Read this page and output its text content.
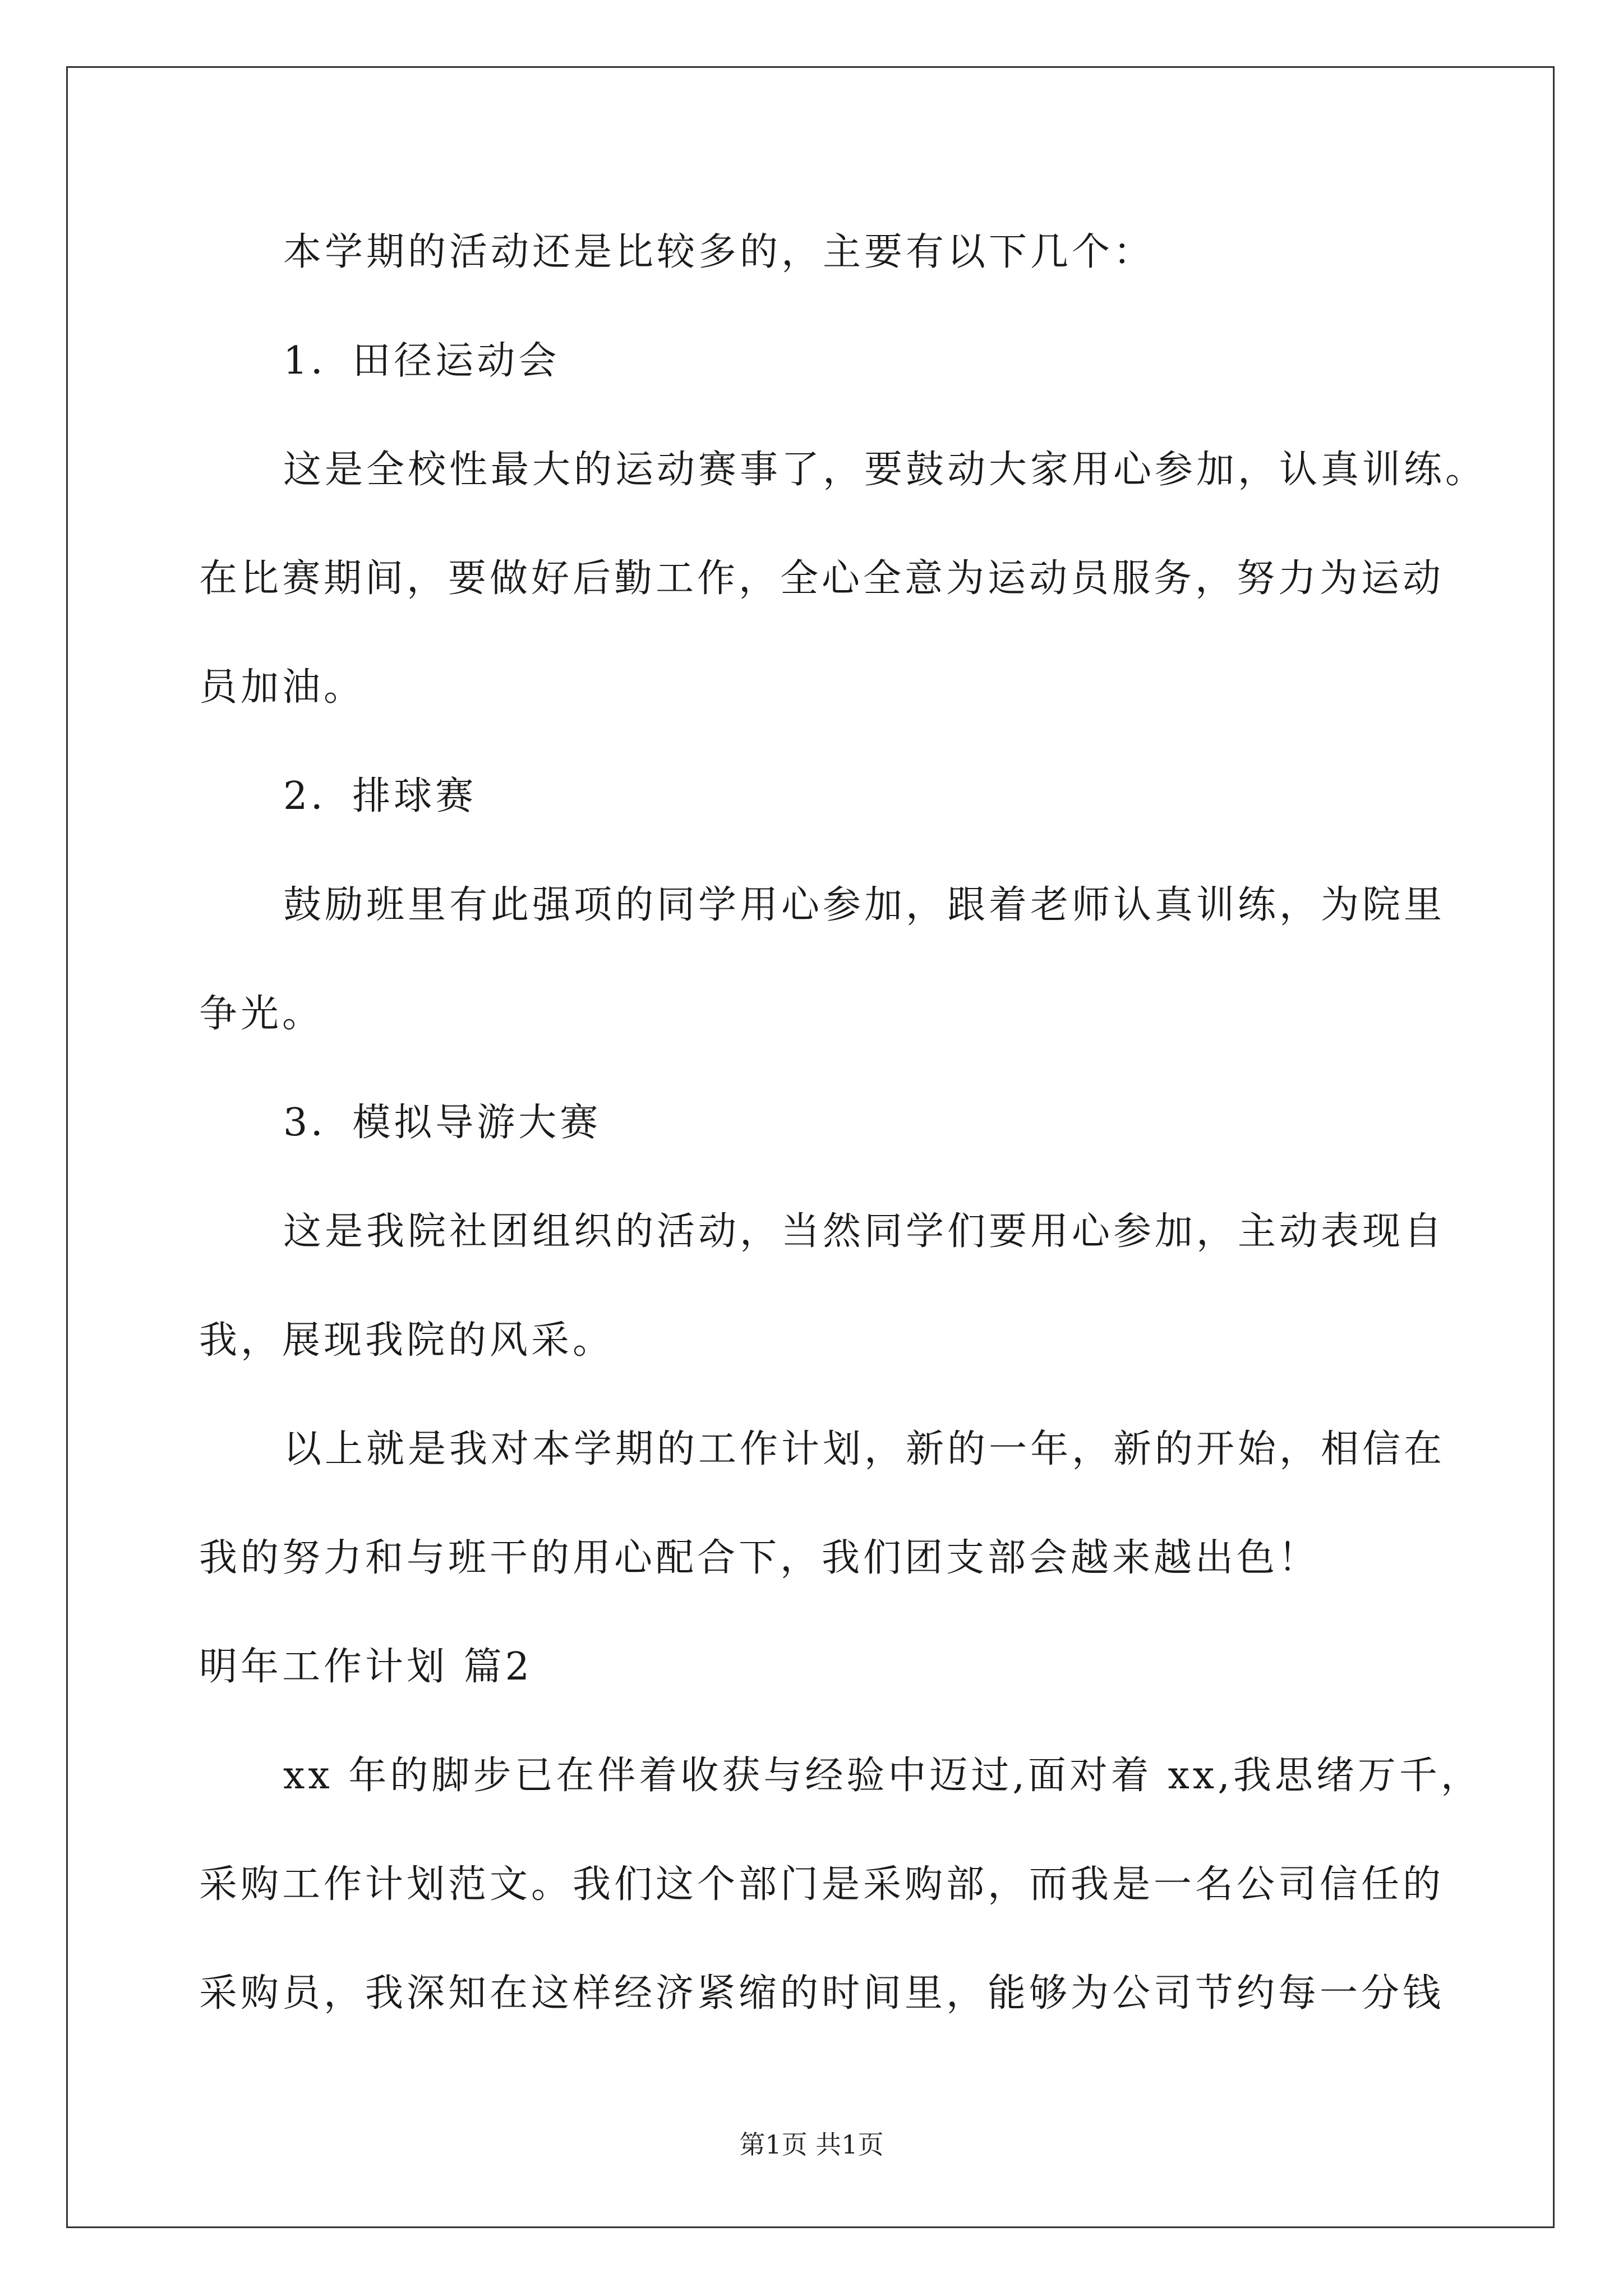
本学期的活动还是比较多的，主要有以下几个：
1．田径运动会
这是全校性最大的运动赛事了，要鼓动大家用心参加，认真训练。
在比赛期间，要做好后勤工作，全心全意为运动员服务，努力为运动
员加油。
2．排球赛
鼓励班里有此强项的同学用心参加，跟着老师认真训练，为院里
争光。
3．模拟导游大赛
这是我院社团组织的活动，当然同学们要用心参加，主动表现自
我，展现我院的风采。
以上就是我对本学期的工作计划，新的一年，新的开始，相信在
我的努力和与班干的用心配合下，我们团支部会越来越出色！
明年工作计划 篇2
xx 年的脚步已在伴着收获与经验中迈过,面对着 xx,我思绪万千，
采购工作计划范文。我们这个部门是采购部，而我是一名公司信任的
采购员，我深知在这样经济紧缩的时间里，能够为公司节约每一分钱
第1页 共1页
